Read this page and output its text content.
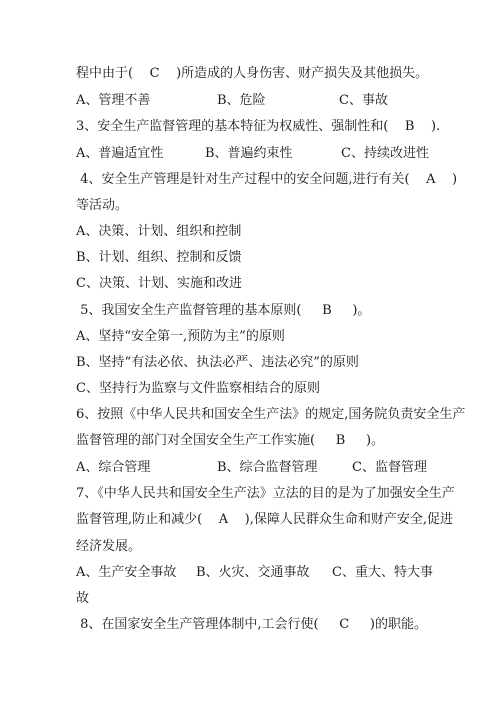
程中由于(    C    )所造成的人身伤害、财产损失及其他损失。
A、管理不善	B、危险	C、事故
3、安全生产监督管理的基本特征为权威性、强制性和(    B    ).
A、普遍适宜性	B、普遍约束性	C、持续改进性
4、安全生产管理是针对生产过程中的安全问题,进行有关(    A    )
等活动。
A、决策、计划、组织和控制
B、计划、组织、控制和反馈
C、决策、计划、实施和改进
5、我国安全生产监督管理的基本原则(     B     )。
A、坚持“安全第一,预防为主”的原则
B、坚持“有法必依、执法必严、违法必究”的原则
C、坚持行为监察与文件监察相结合的原则
6、按照《中华人民共和国安全生产法》的规定,国务院负责安全生产
监督管理的部门对全国安全生产工作实施(     B     )。
A、综合管理	B、综合监督管理	C、监督管理
7、《中华人民共和国安全生产法》立法的目的是为了加强安全生产
监督管理,防止和减少(    A    ),保障人民群众生命和财产安全,促进
经济发展。
A、生产安全事故 B、火灾、交通事故 C、重大、特大事
故
8、在国家安全生产管理体制中,工会行使(     C     )的职能。
